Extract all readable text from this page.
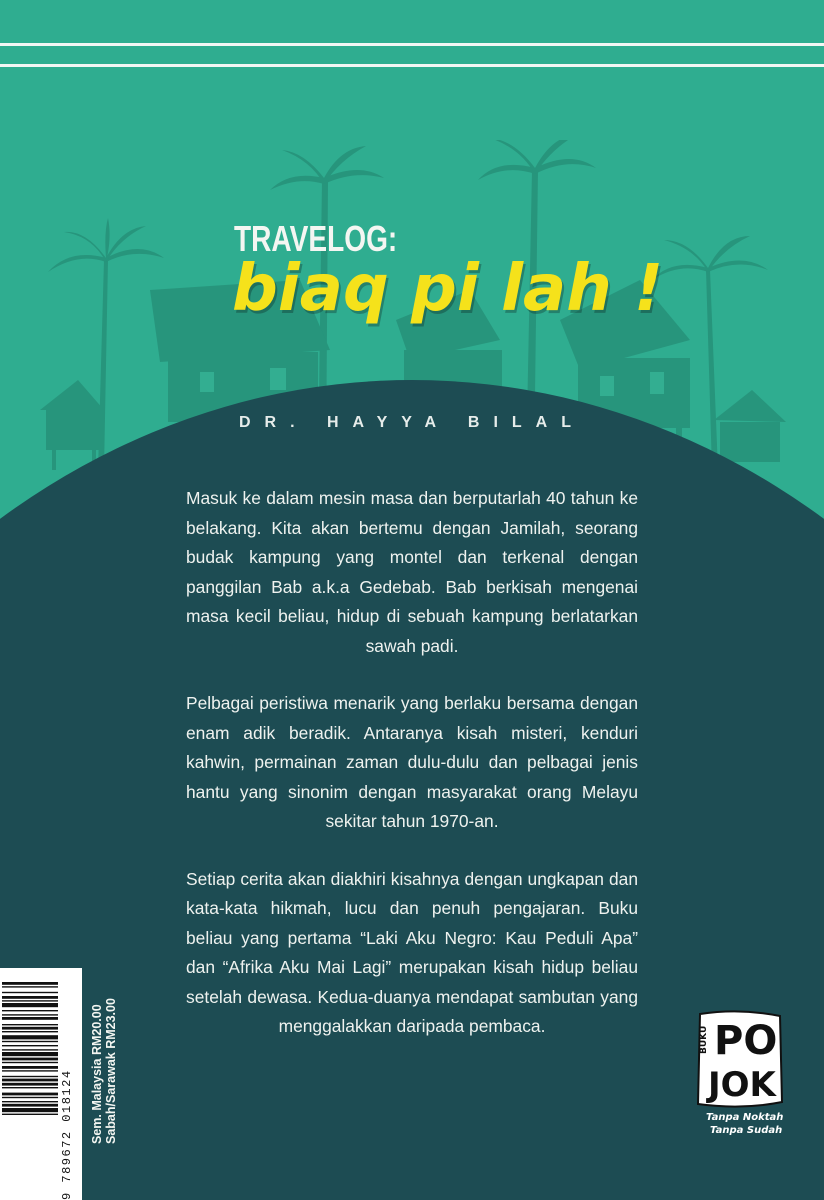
TRAVELOG:
biaq pi lah !
DR. HAYYA BILAL

Masuk ke dalam mesin masa dan berputarlah 40 tahun ke belakang. Kita akan bertemu dengan Jamilah, seorang budak kampung yang montel dan terkenal dengan panggilan Bab a.k.a Gedebab. Bab berkisah mengenai masa kecil beliau, hidup di sebuah kampung berlatarkan sawah padi.

Pelbagai peristiwa menarik yang berlaku bersama dengan enam adik beradik. Antaranya kisah misteri, kenduri kahwin, permainan zaman dulu-dulu dan pelbagai jenis hantu yang sinonim dengan masyarakat orang Melayu sekitar tahun 1970-an.

Setiap cerita akan diakhiri kisahnya dengan ungkapan dan kata-kata hikmah, lucu dan penuh pengajaran. Buku beliau yang pertama “Laki Aku Negro: Kau Peduli Apa” dan “Afrika Aku Mai Lagi” merupakan kisah hidup beliau setelah dewasa. Kedua-duanya mendapat sambutan yang menggalakkan daripada pembaca.

9 789672 018124 Sem. Malaysia RM20.00 Sabah/Sarawak RM23.00	BUKU PO
JOK
Tanpa Noktah
Tanpa Sudah
